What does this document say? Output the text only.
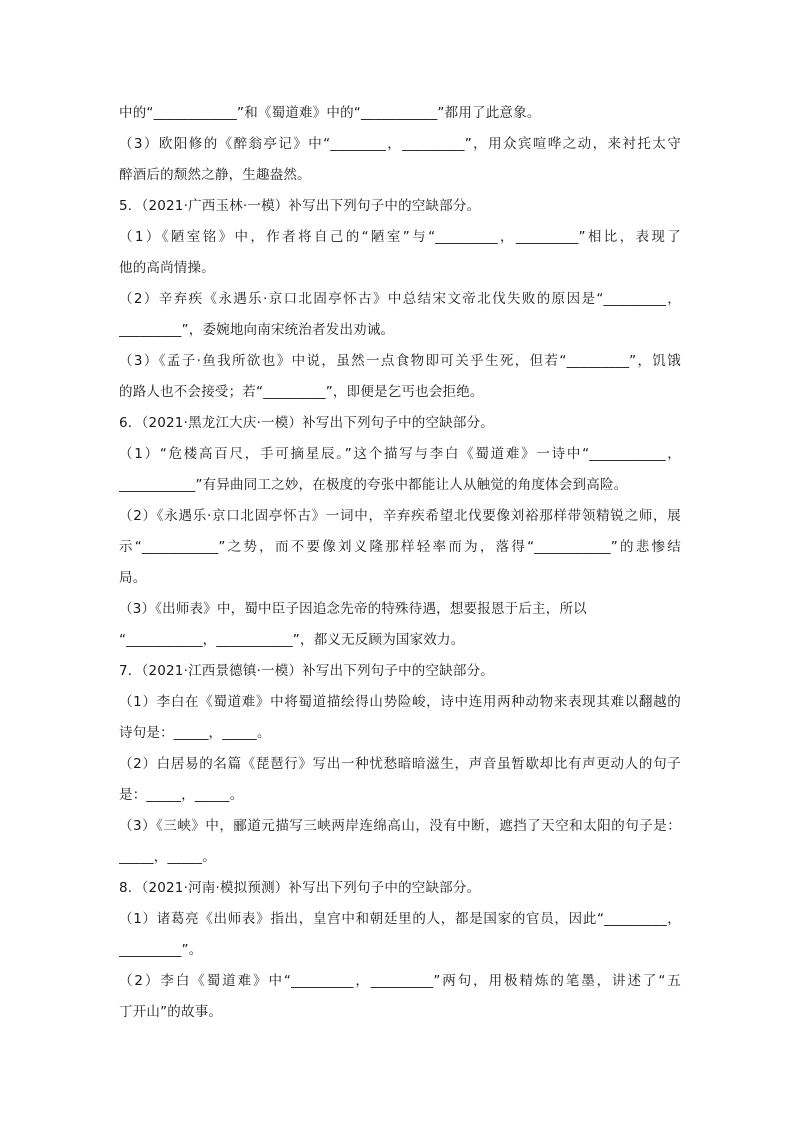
中的“____________”和《蜀道难》中的“___________”都用了此意象。
（3）欧阳修的《醉翁亭记》中“________，_________”，用众宾喧哗之动，来衬托太守
醉酒后的颓然之静，生趣盎然。
5．（2021·广西玉林·一模）补写出下列句子中的空缺部分。
（1）《陋室铭》中，作者将自己的“陋室”与“_________，_________”相比，表现了
他的高尚情操。
（2）辛弃疾《永遇乐·京口北固亭怀古》中总结宋文帝北伐失败的原因是“_________，
_________”，委婉地向南宋统治者发出劝诫。
（3）《孟子·鱼我所欲也》中说，虽然一点食物即可关乎生死，但若“_________”，饥饿
的路人也不会接受；若“_________”，即便是乞丐也会拒绝。
6．（2021·黑龙江大庆·一模）补写出下列句子中的空缺部分。
（1）“危楼高百尺，手可摘星辰。”这个描写与李白《蜀道难》一诗中“___________，
___________”有异曲同工之妙，在极度的夸张中都能让人从触觉的角度体会到高险。
（2）《永遇乐·京口北固亭怀古》一词中，辛弃疾希望北伐要像刘裕那样带领精锐之师，展
示“___________”之势，而不要像刘义隆那样轻率而为，落得“___________”的悲惨结
局。
（3）《出师表》中，蜀中臣子因追念先帝的特殊待遇，想要报恩于后主，所以
“___________，___________”，都义无反顾为国家效力。
7．（2021·江西景德镇·一模）补写出下列句子中的空缺部分。
（1）李白在《蜀道难》中将蜀道描绘得山势险峻，诗中连用两种动物来表现其难以翻越的
诗句是：_____，_____。
（2）白居易的名篇《琵琶行》写出一种忧愁暗暗滋生，声音虽暂歇却比有声更动人的句子
是：_____，_____。
（3）《三峡》中，郦道元描写三峡两岸连绵高山，没有中断，遮挡了天空和太阳的句子是：
_____，_____。
8．（2021·河南·模拟预测）补写出下列句子中的空缺部分。
（1）诸葛亮《出师表》指出，皇宫中和朝廷里的人，都是国家的官员，因此“_________，
_________”。
（2）李白《蜀道难》中“_________，_________”两句，用极精炼的笔墨，讲述了“五
丁开山”的故事。
